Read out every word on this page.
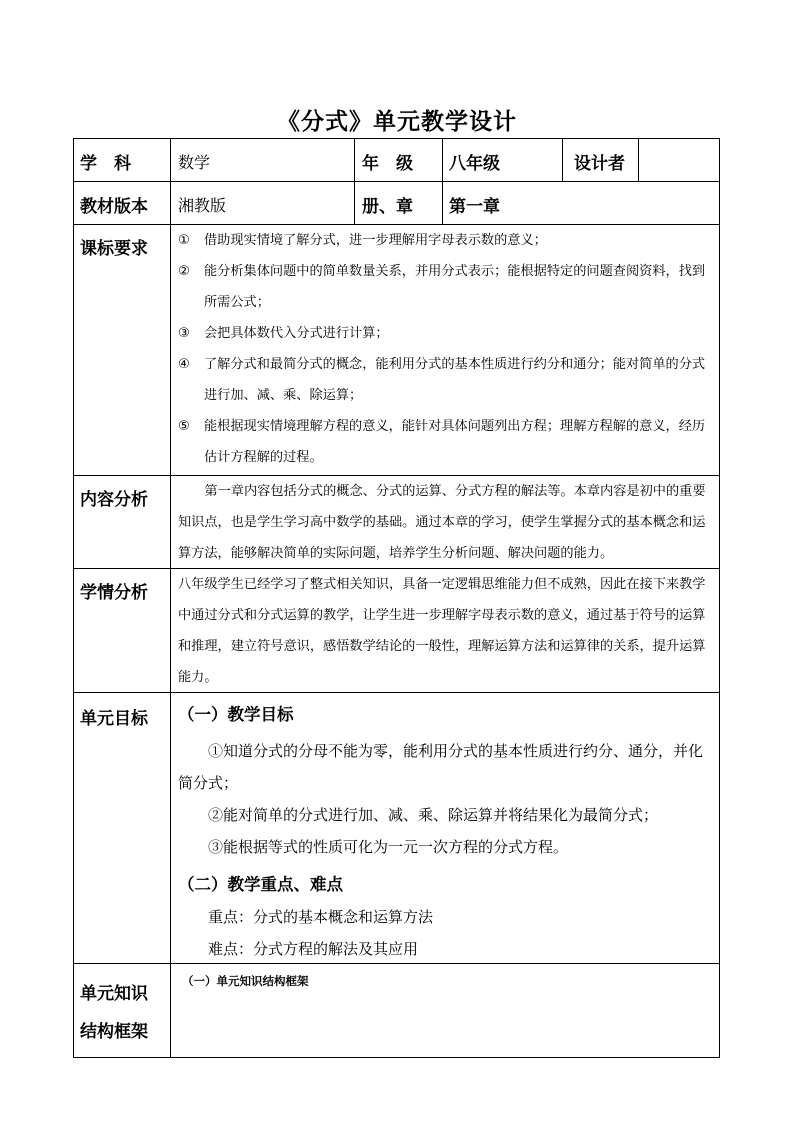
《分式》单元教学设计
学　科	数学	年　级 八年级	设计者
教材版本 湘教版	册、章 第一章
课标要求 ①	借助现实情境了解分式，进一步理解用字母表示数的意义；
②	能分析集体问题中的简单数量关系，并用分式表示；能根据特定的问题查阅资料，找到所需公式；
③	会把具体数代入分式进行计算；
④	了解分式和最简分式的概念，能利用分式的基本性质进行约分和通分；能对简单的分式进行加、减、乘、除运算；
⑤	能根据现实情境理解方程的意义，能针对具体问题列出方程；理解方程解的意义，经历估计方程解的过程。
内容分析	第一章内容包括分式的概念、分式的运算、分式方程的解法等。本章内容是初中的重要知识点，也是学生学习高中数学的基础。通过本章的学习，使学生掌握分式的基本概念和运算方法，能够解决简单的实际问题，培养学生分析问题、解决问题的能力。

学情分析 八年级学生已经学习了整式相关知识，具备一定逻辑思维能力但不成熟，因此在接下来教学中通过分式和分式运算的教学，让学生进一步理解字母表示数的意义，通过基于符号的运算和推理，建立符号意识，感悟数学结论的一般性，理解运算方法和运算律的关系，提升运算能力。

单元目标 （一）教学目标
①知道分式的分母不能为零，能利用分式的基本性质进行约分、通分，并化简分式；
②能对简单的分式进行加、减、乘、除运算并将结果化为最简分式；
③能根据等式的性质可化为一元一次方程的分式方程。
（二）教学重点、难点
重点：分式的基本概念和运算方法
难点：分式方程的解法及其应用
单元知识
结构框架
（一）单元知识结构框架
